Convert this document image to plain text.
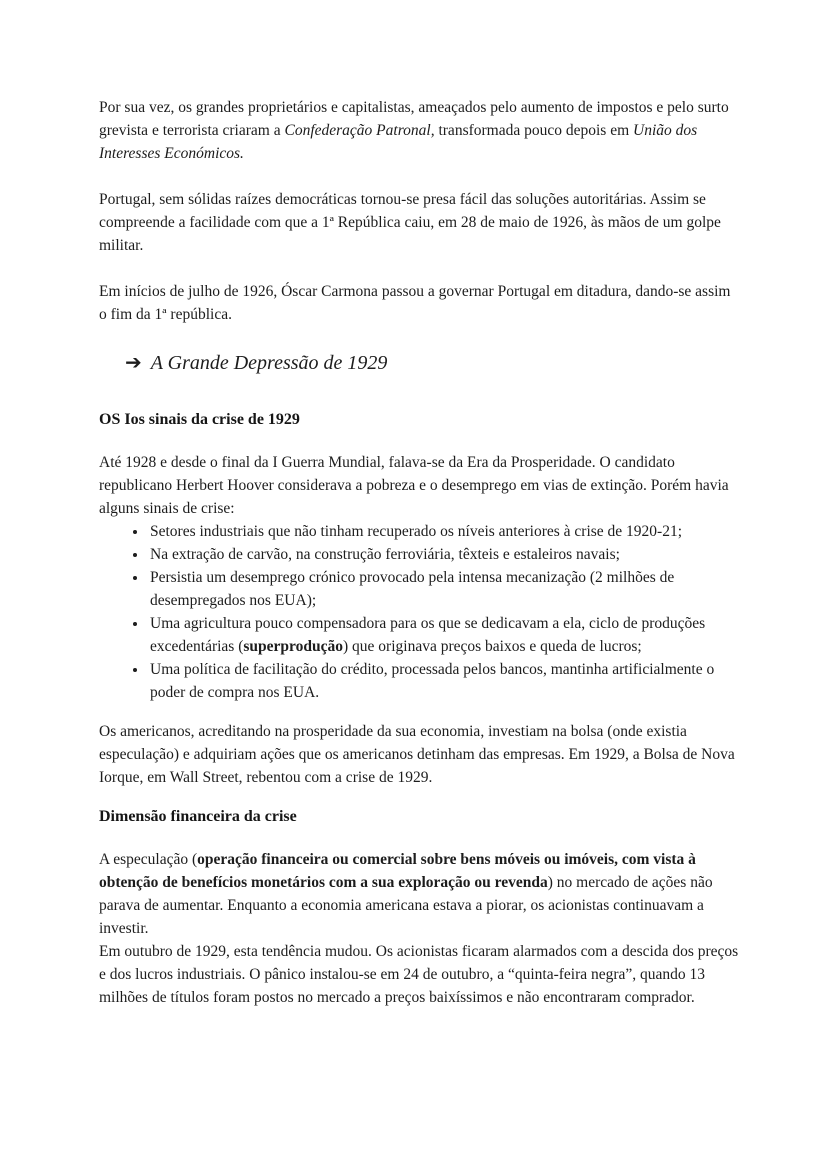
Por sua vez, os grandes proprietários e capitalistas, ameaçados pelo aumento de impostos e pelo surto grevista e terrorista criaram a Confederação Patronal, transformada pouco depois em União dos Interesses Económicos.

Portugal, sem sólidas raízes democráticas tornou-se presa fácil das soluções autoritárias. Assim se compreende a facilidade com que a 1ª República caiu, em 28 de maio de 1926, às mãos de um golpe militar.

Em inícios de julho de 1926, Óscar Carmona passou a governar Portugal em ditadura, dando-se assim o fim da 1ª república.

➔ A Grande Depressão de 1929
OS Ios sinais da crise de 1929

Até 1928 e desde o final da I Guerra Mundial, falava-se da Era da Prosperidade. O candidato republicano Herbert Hoover considerava a pobreza e o desemprego em vias de extinção. Porém havia alguns sinais de crise:

• Setores industriais que não tinham recuperado os níveis anteriores à crise de 1920-21;
• Na extração de carvão, na construção ferroviária, têxteis e estaleiros navais;
• Persistia um desemprego crónico provocado pela intensa mecanização (2 milhões de desempregados nos EUA);
• Uma agricultura pouco compensadora para os que se dedicavam a ela, ciclo de produções excedentárias (superprodução) que originava preços baixos e queda de lucros;
• Uma política de facilitação do crédito, processada pelos bancos, mantinha artificialmente o poder de compra nos EUA.

Os americanos, acreditando na prosperidade da sua economia, investiam na bolsa (onde existia especulação) e adquiriam ações que os americanos detinham das empresas. Em 1929, a Bolsa de Nova Iorque, em Wall Street, rebentou com a crise de 1929.

Dimensão financeira da crise

A especulação (operação financeira ou comercial sobre bens móveis ou imóveis, com vista à obtenção de benefícios monetários com a sua exploração ou revenda) no mercado de ações não parava de aumentar. Enquanto a economia americana estava a piorar, os acionistas continuavam a investir.

Em outubro de 1929, esta tendência mudou. Os acionistas ficaram alarmados com a descida dos preços e dos lucros industriais. O pânico instalou-se em 24 de outubro, a “quinta-feira negra”, quando 13 milhões de títulos foram postos no mercado a preços baixíssimos e não encontraram comprador.
